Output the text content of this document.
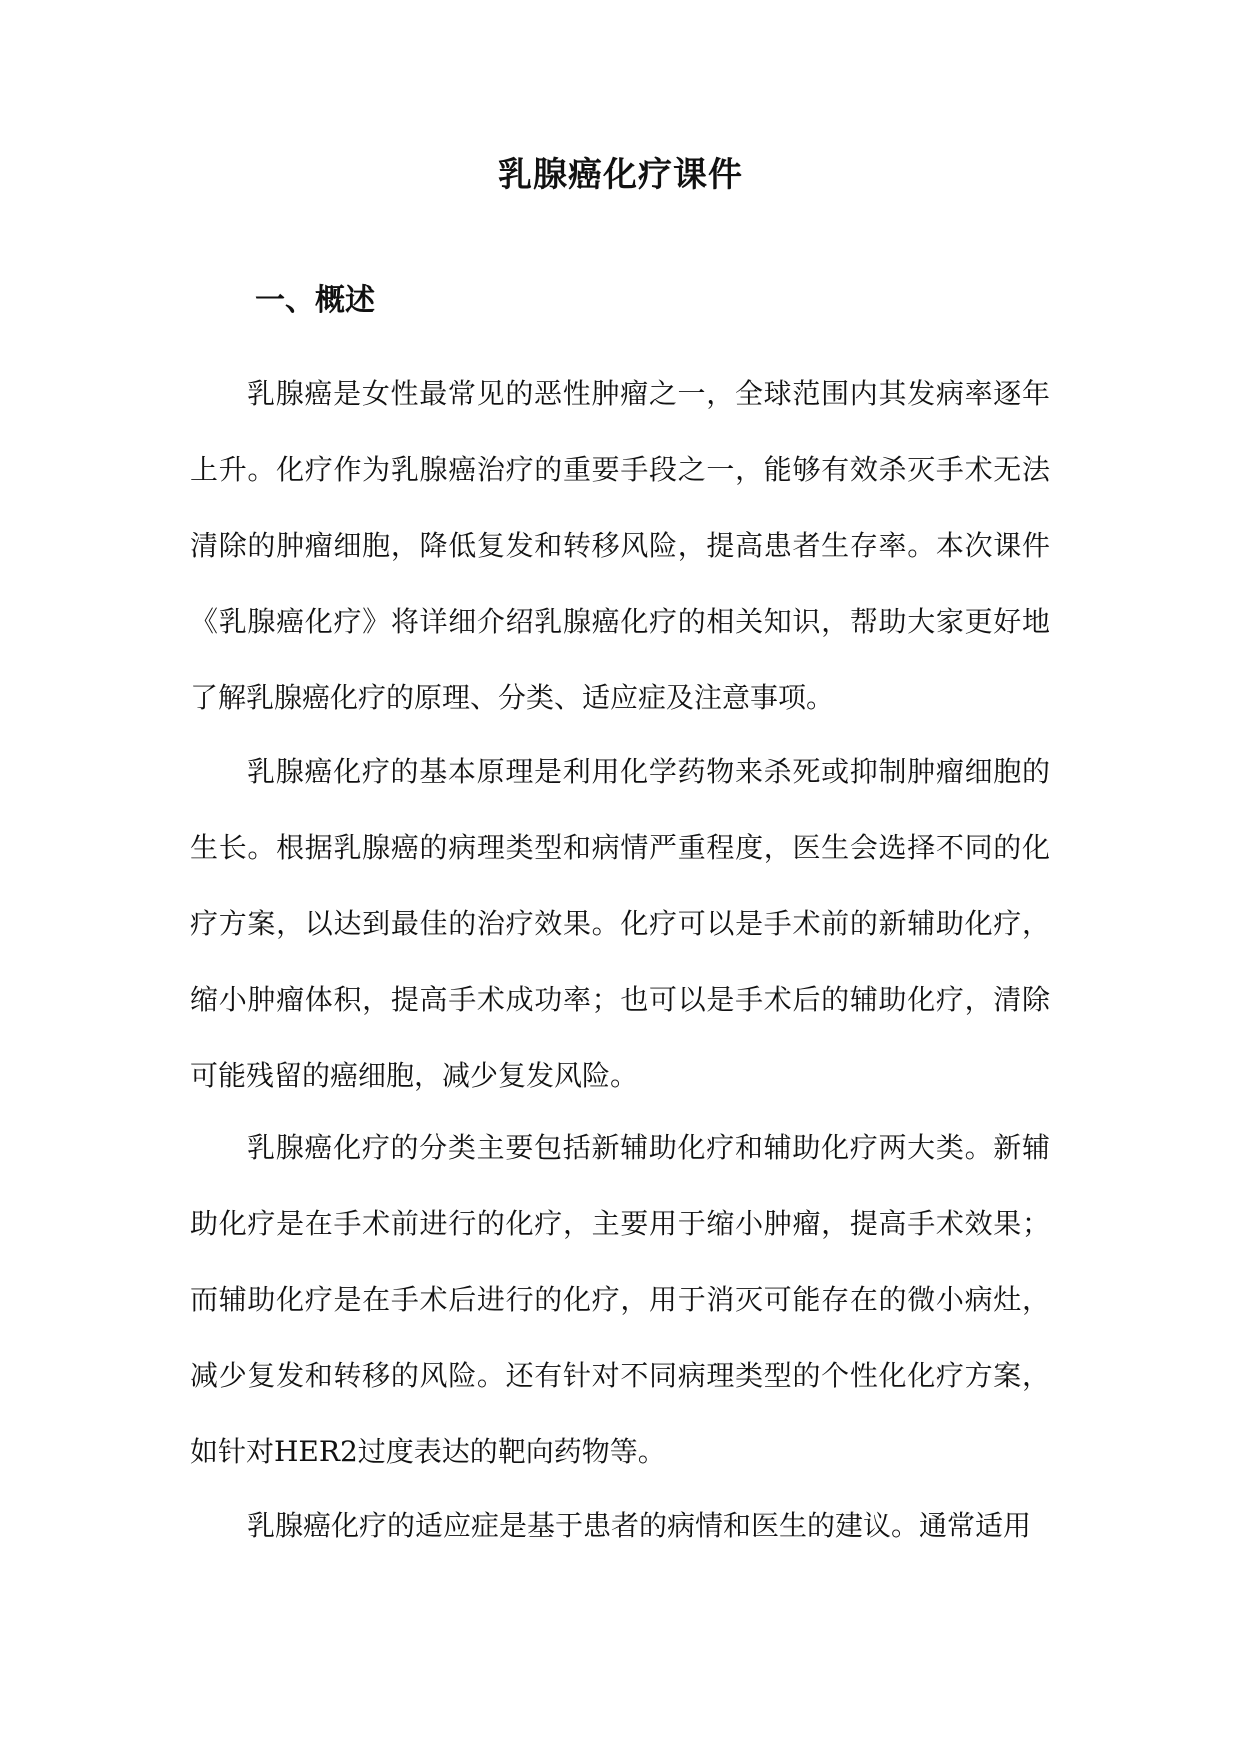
乳腺癌化疗课件
一、概述

乳腺癌是女性最常见的恶性肿瘤之一，全球范围内其发病率逐年上升。化疗作为乳腺癌治疗的重要手段之一，能够有效杀灭手术无法清除的肿瘤细胞，降低复发和转移风险，提高患者生存率。本次课件《乳腺癌化疗》将详细介绍乳腺癌化疗的相关知识，帮助大家更好地了解乳腺癌化疗的原理、分类、适应症及注意事项。

乳腺癌化疗的基本原理是利用化学药物来杀死或抑制肿瘤细胞的生长。根据乳腺癌的病理类型和病情严重程度，医生会选择不同的化疗方案，以达到最佳的治疗效果。化疗可以是手术前的新辅助化疗，缩小肿瘤体积，提高手术成功率；也可以是手术后的辅助化疗，清除可能残留的癌细胞，减少复发风险。

乳腺癌化疗的分类主要包括新辅助化疗和辅助化疗两大类。新辅助化疗是在手术前进行的化疗，主要用于缩小肿瘤，提高手术效果；而辅助化疗是在手术后进行的化疗，用于消灭可能存在的微小病灶，减少复发和转移的风险。还有针对不同病理类型的个性化化疗方案，如针对HER2过度表达的靶向药物等。

乳腺癌化疗的适应症是基于患者的病情和医生的建议。通常适用
